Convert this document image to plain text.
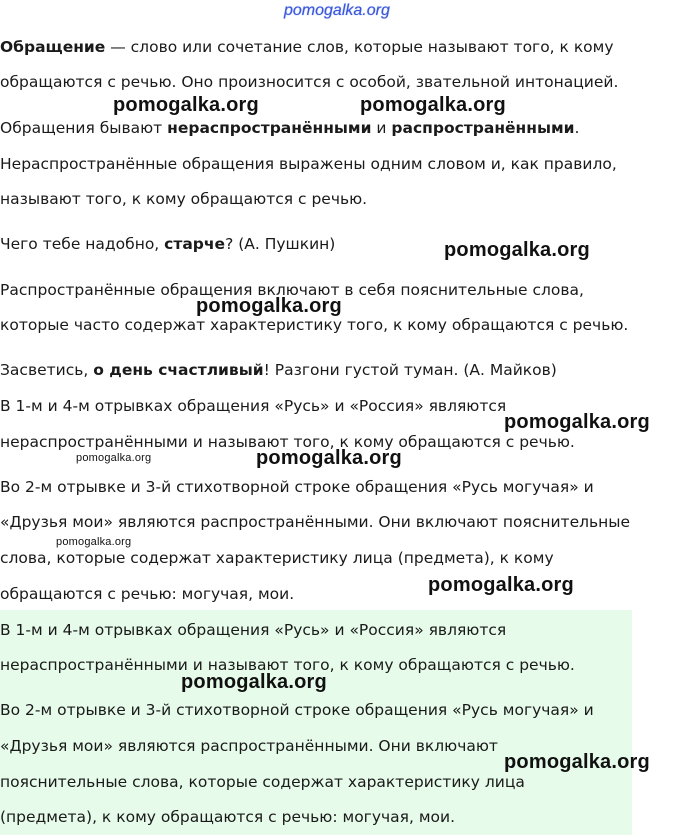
pomogalka.org
Обращение — слово или сочетание слов, которые называют того, к кому
обращаются с речью. Оно произносится с особой, звательной интонацией.
Обращения бывают нераспространёнными и распространёнными.
Нераспространённые обращения выражены одним словом и, как правило,
называют того, к кому обращаются с речью.
Чего тебе надобно, старче? (А. Пушкин)
Распространённые обращения включают в себя пояснительные слова,
которые часто содержат характеристику того, к кому обращаются с речью.
Засветись, о день счастливый! Разгони густой туман. (А. Майков)
В 1-м и 4-м отрывках обращения «Русь» и «Россия» являются
нераспространёнными и называют того, к кому обращаются с речью.
Во 2-м отрывке и 3-й стихотворной строке обращения «Русь могучая» и
«Друзья мои» являются распространёнными. Они включают пояснительные
слова, которые содержат характеристику лица (предмета), к кому
обращаются с речью: могучая, мои.
В 1-м и 4-м отрывках обращения «Русь» и «Россия» являются
нераспространёнными и называют того, к кому обращаются с речью.
Во 2-м отрывке и 3-й стихотворной строке обращения «Русь могучая» и
«Друзья мои» являются распространёнными. Они включают
пояснительные слова, которые содержат характеристику лица
(предмета), к кому обращаются с речью: могучая, мои.
pomogalka.org	pomogalka.org
pomogalka.org
pomogalka.org
pomogalka.org
pomogalka.org	pomogalka.org
pomogalka.org
pomogalka.org
pomogalka.org
pomogalka.org
